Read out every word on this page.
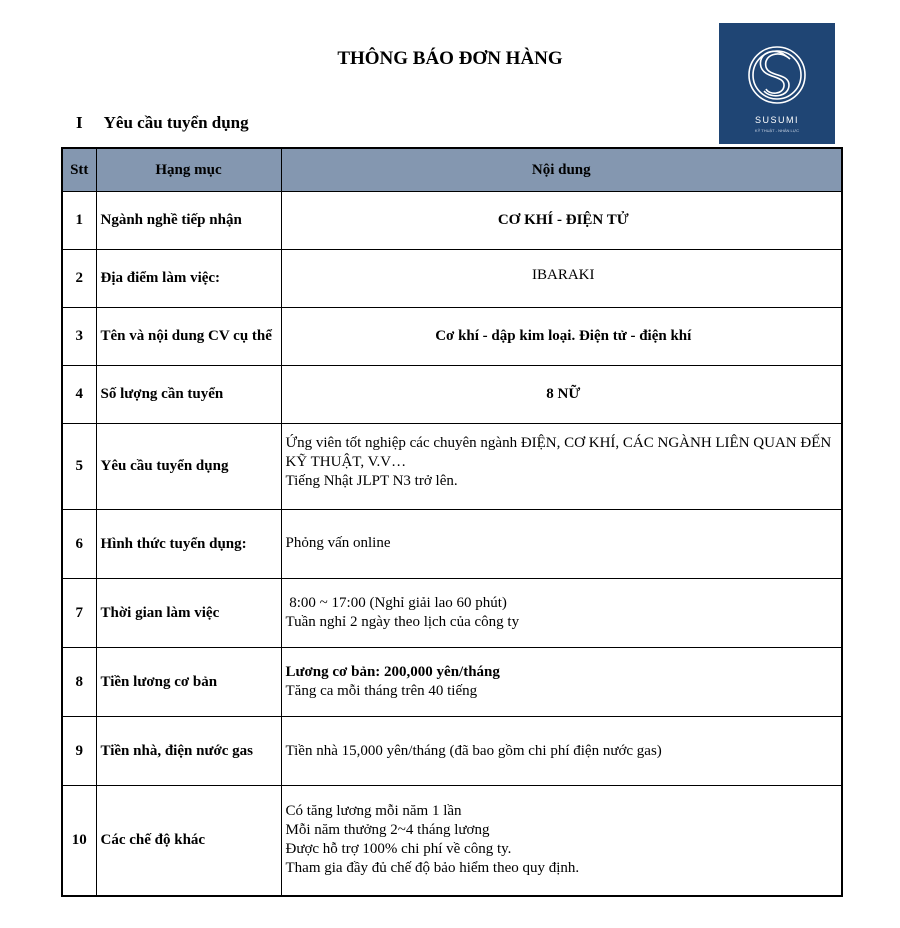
THÔNG BÁO ĐƠN HÀNG
SUSUMI
KỸ THUẬT - NHÂN LỰC
I Yêu cầu tuyển dụng
Stt	Hạng mục	Nội dung
1	Ngành nghề tiếp nhận	CƠ KHÍ - ĐIỆN TỬ

2	Địa điểm làm việc:	IBARAKI

3	Tên và nội dung CV cụ thể	Cơ khí - dập kim loại. Điện tử - điện khí

4	Số lượng cần tuyển	8 NỮ

5	Yêu cầu tuyển dụng	Ứng viên tốt nghiệp các chuyên ngành ĐIỆN, CƠ KHÍ, CÁC NGÀNH LIÊN QUAN ĐẾN KỸ THUẬT, V.V…
Tiếng Nhật JLPT N3 trở lên.

6	Hình thức tuyển dụng:	Phỏng vấn online

7	Thời gian làm việc	8:00 ~ 17:00 (Nghỉ giải lao 60 phút)
Tuần nghỉ 2 ngày theo lịch của công ty

8	Tiền lương cơ bản	Lương cơ bản: 200,000 yên/tháng
Tăng ca mỗi tháng trên 40 tiếng

9	Tiền nhà, điện nước gas	Tiền nhà 15,000 yên/tháng (đã bao gồm chi phí điện nước gas)

10	Các chế độ khác	Có tăng lương mỗi năm 1 lần
Mỗi năm thưởng 2~4 tháng lương
Được hỗ trợ 100% chi phí về công ty.
Tham gia đầy đủ chế độ bảo hiểm theo quy định.
